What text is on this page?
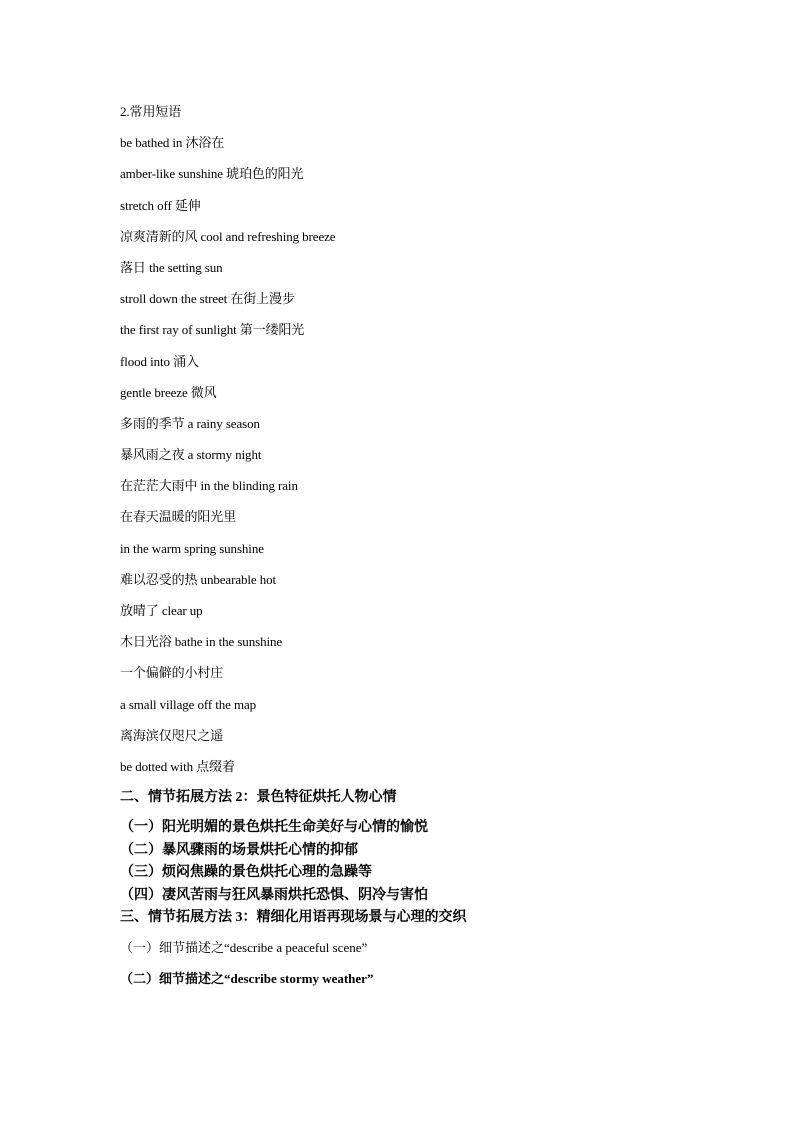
2.常用短语
be bathed in 沐浴在
amber-like sunshine 琥珀色的阳光
stretch off 延伸
凉爽清新的风 cool and refreshing breeze
落日 the setting sun
stroll down the street 在街上漫步
the first ray of sunlight 第一缕阳光
flood into 涌入
gentle breeze 微风
多雨的季节 a rainy season
暴风雨之夜 a stormy night
在茫茫大雨中 in the blinding rain
在春天温暖的阳光里
in the warm spring sunshine
难以忍受的热 unbearable hot
放晴了 clear up
木日光浴 bathe in the sunshine
一个偏僻的小村庄
a small village off the map
离海滨仅咫尺之遥
be dotted with 点缀着
二、情节拓展方法 2：景色特征烘托人物心情
（一）阳光明媚的景色烘托生命美好与心情的愉悦
（二）暴风骤雨的场景烘托心情的抑郁
（三）烦闷焦躁的景色烘托心理的急躁等
（四）凄风苦雨与狂风暴雨烘托恐惧、阴冷与害怕
三、情节拓展方法 3：精细化用语再现场景与心理的交织
（一）细节描述之“describe a peaceful scene”
（二）细节描述之“describe stormy weather”
